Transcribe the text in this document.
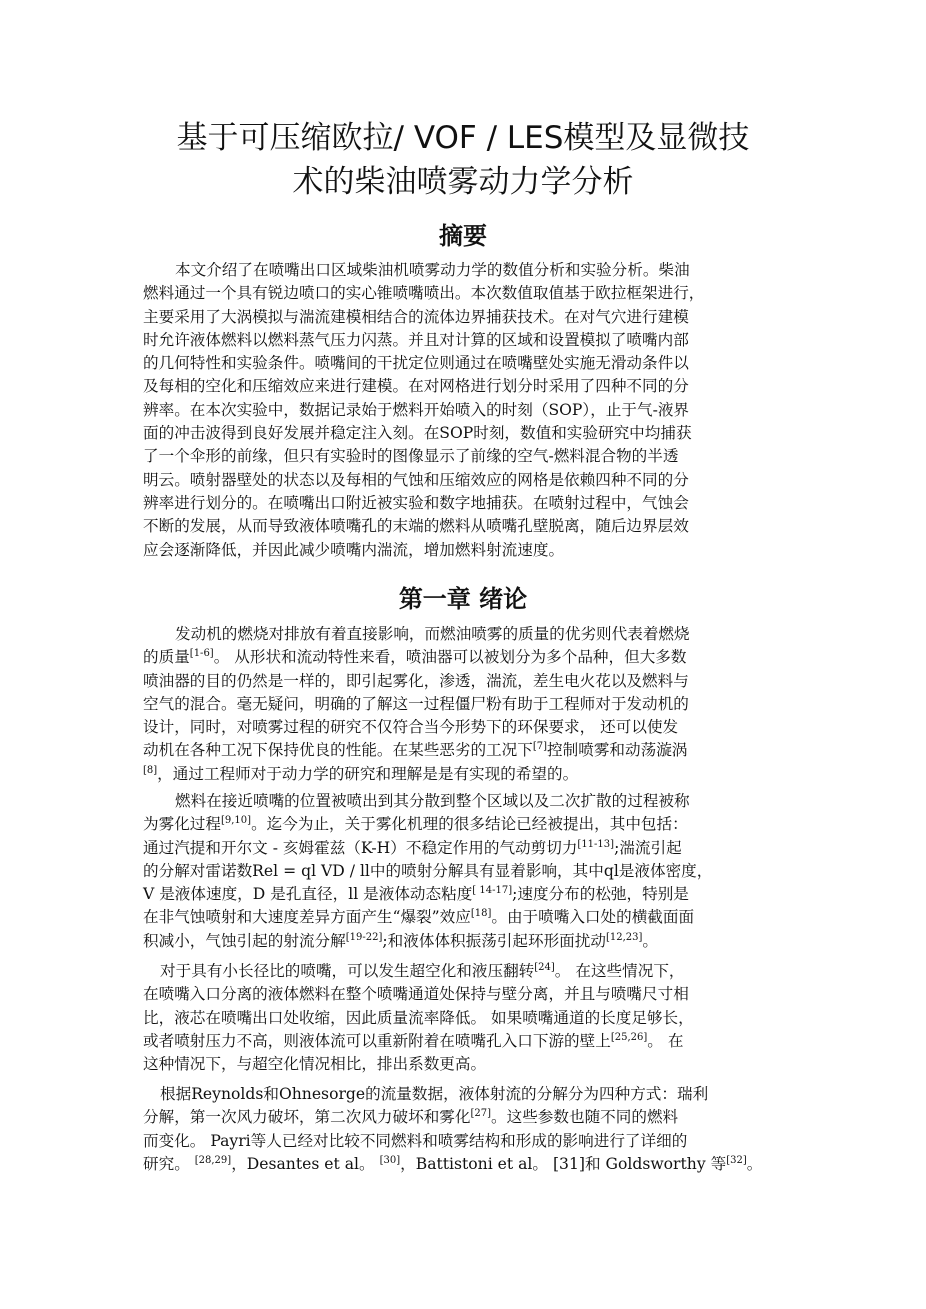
基于可压缩欧拉/ VOF / LES模型及显微技
术的柴油喷雾动力学分析
摘要
本文介绍了在喷嘴出口区域柴油机喷雾动力学的数值分析和实验分析。柴油
燃料通过一个具有锐边喷口的实心锥喷嘴喷出。本次数值取值基于欧拉框架进行，
主要采用了大涡模拟与湍流建模相结合的流体边界捕获技术。在对气穴进行建模
时允许液体燃料以燃料蒸气压力闪蒸。并且对计算的区域和设置模拟了喷嘴内部
的几何特性和实验条件。喷嘴间的干扰定位则通过在喷嘴壁处实施无滑动条件以
及每相的空化和压缩效应来进行建模。在对网格进行划分时采用了四种不同的分
辨率。在本次实验中，数据记录始于燃料开始喷入的时刻（SOP），止于气-液界
面的冲击波得到良好发展并稳定注入刻。在SOP时刻，数值和实验研究中均捕获
了一个伞形的前缘，但只有实验时的图像显示了前缘的空气-燃料混合物的半透
明云。喷射器壁处的状态以及每相的气蚀和压缩效应的网格是依赖四种不同的分
辨率进行划分的。在喷嘴出口附近被实验和数字地捕获。在喷射过程中，气蚀会
不断的发展，从而导致液体喷嘴孔的末端的燃料从喷嘴孔壁脱离，随后边界层效
应会逐渐降低，并因此减少喷嘴内湍流，增加燃料射流速度。
第一章 绪论
发动机的燃烧对排放有着直接影响，而燃油喷雾的质量的优劣则代表着燃烧
的质量[1-6]。 从形状和流动特性来看，喷油器可以被划分为多个品种，但大多数
喷油器的目的仍然是一样的，即引起雾化，渗透，湍流，差生电火花以及燃料与
空气的混合。毫无疑问，明确的了解这一过程僵尸粉有助于工程师对于发动机的
设计，同时，对喷雾过程的研究不仅符合当今形势下的环保要求， 还可以使发
动机在各种工况下保持优良的性能。在某些恶劣的工况下[7]控制喷雾和动荡漩涡
[8]，通过工程师对于动力学的研究和理解是是有实现的希望的。
燃料在接近喷嘴的位置被喷出到其分散到整个区域以及二次扩散的过程被称
为雾化过程[9,10]。迄今为止，关于雾化机理的很多结论已经被提出，其中包括：
通过汽提和开尔文 - 亥姆霍兹（K-H）不稳定作用的气动剪切力[11-13];湍流引起
的分解对雷诺数Rel = ql VD / ll中的喷射分解具有显着影响，其中ql是液体密度，
V 是液体速度，D 是孔直径，ll 是液体动态粘度[ 14-17];速度分布的松弛，特别是
在非气蚀喷射和大速度差异方面产生“爆裂”效应[18]。由于喷嘴入口处的横截面面
积减小，气蚀引起的射流分解[19-22];和液体体积振荡引起环形面扰动[12,23]。
对于具有小长径比的喷嘴，可以发生超空化和液压翻转[24]。 在这些情况下，
在喷嘴入口分离的液体燃料在整个喷嘴通道处保持与壁分离，并且与喷嘴尺寸相
比，液芯在喷嘴出口处收缩，因此质量流率降低。 如果喷嘴通道的长度足够长，
或者喷射压力不高，则液体流可以重新附着在喷嘴孔入口下游的壁上[25,26]。 在
这种情况下，与超空化情况相比，排出系数更高。
根据Reynolds和Ohnesorge的流量数据，液体射流的分解分为四种方式：瑞利
分解，第一次风力破坏，第二次风力破坏和雾化[27]。这些参数也随不同的燃料
而变化。 Payri等人已经对比较不同燃料和喷雾结构和形成的影响进行了详细的
研究。 [28,29]，Desantes et al。 [30]，Battistoni et al。 [31]和 Goldsworthy 等[32]。
